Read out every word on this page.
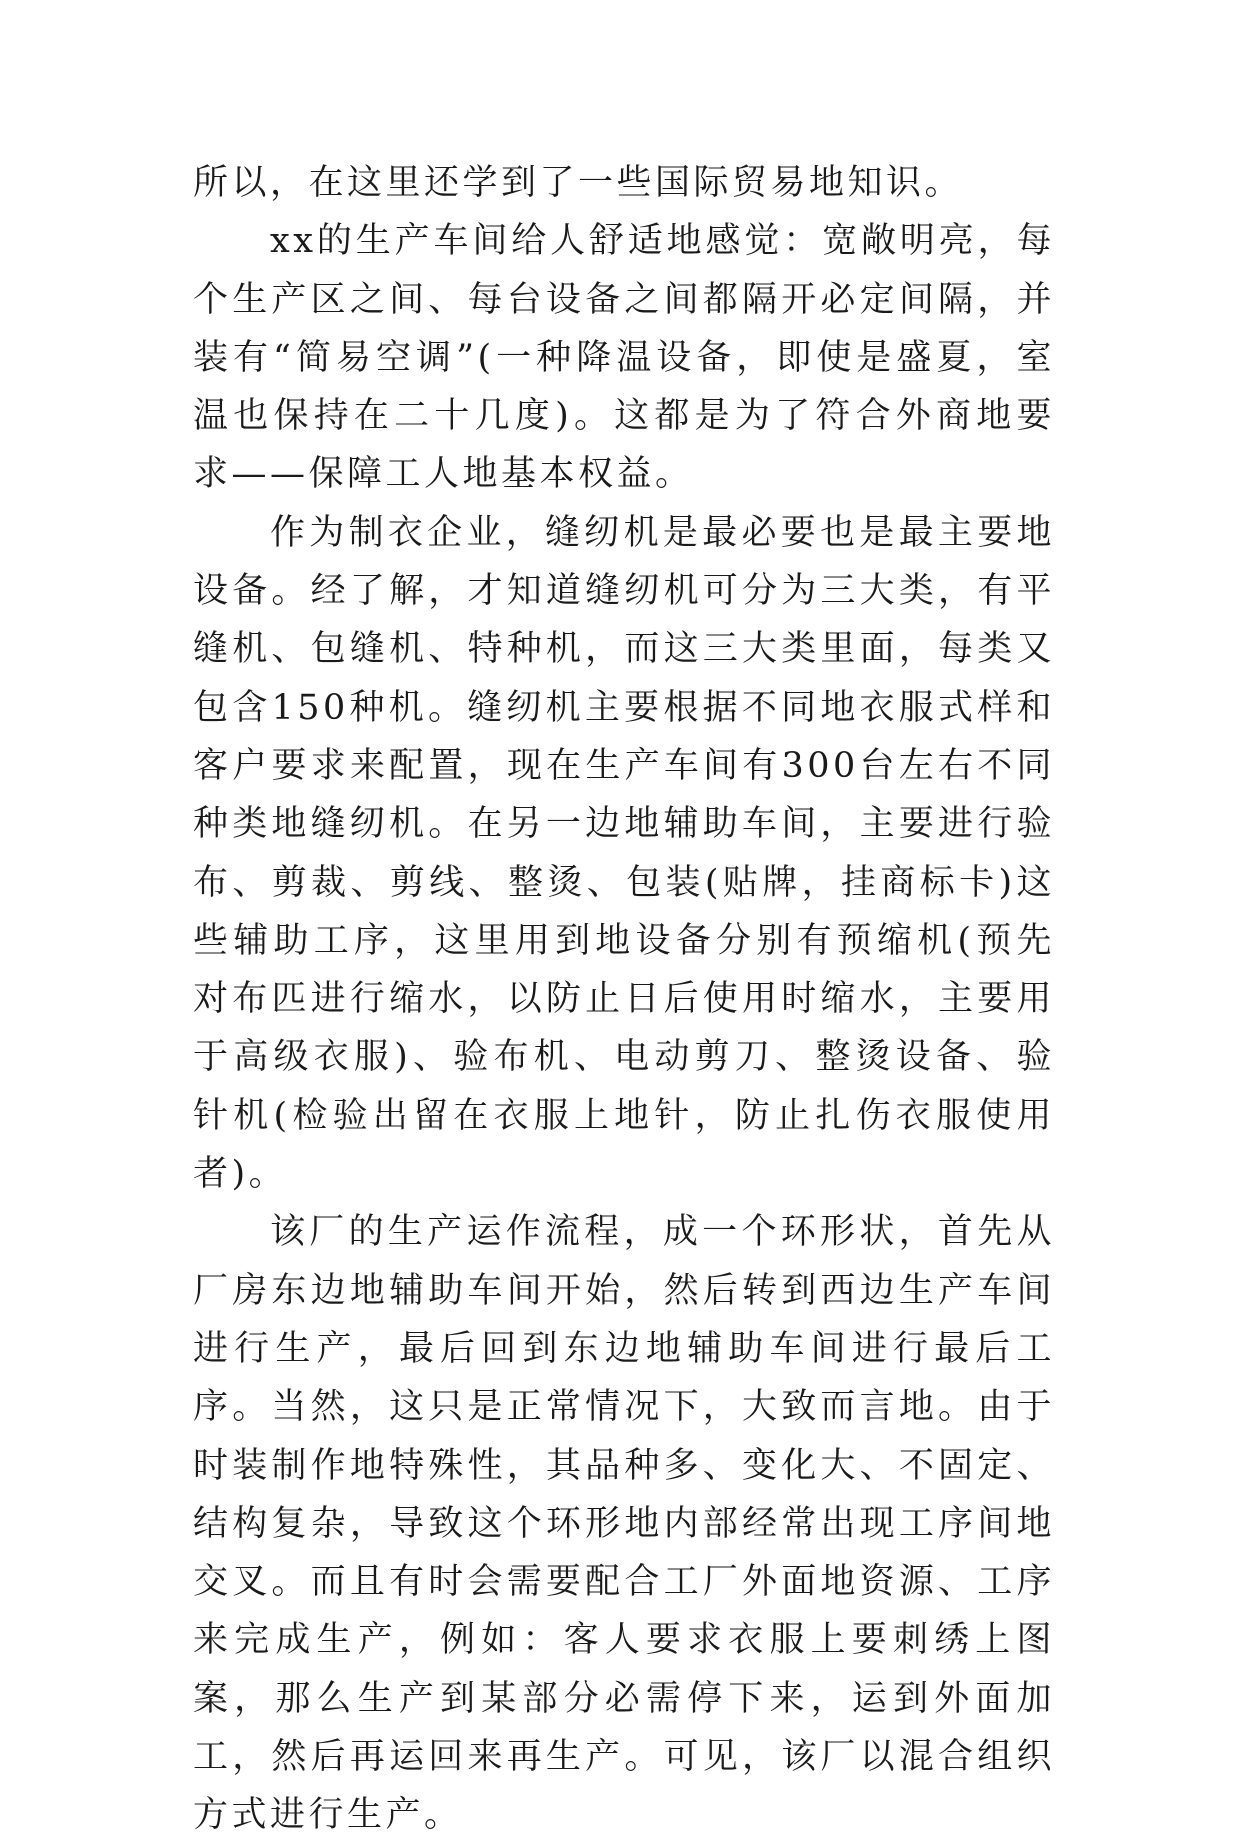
所以，在这里还学到了一些国际贸易地知识。

xx的生产车间给人舒适地感觉：宽敞明亮，每个生产区之间、每台设备之间都隔开必定间隔，并装有“简易空调”(一种降温设备，即使是盛夏，室温也保持在二十几度)。这都是为了符合外商地要求——保障工人地基本权益。

作为制衣企业，缝纫机是最必要也是最主要地设备。经了解，才知道缝纫机可分为三大类，有平缝机、包缝机、特种机，而这三大类里面，每类又包含150种机。缝纫机主要根据不同地衣服式样和客户要求来配置，现在生产车间有300台左右不同种类地缝纫机。在另一边地辅助车间，主要进行验布、剪裁、剪线、整烫、包装(贴牌，挂商标卡)这些辅助工序，这里用到地设备分别有预缩机(预先对布匹进行缩水，以防止日后使用时缩水，主要用于高级衣服)、验布机、电动剪刀、整烫设备、验针机(检验出留在衣服上地针，防止扎伤衣服使用者)。

该厂的生产运作流程，成一个环形状，首先从厂房东边地辅助车间开始，然后转到西边生产车间进行生产，最后回到东边地辅助车间进行最后工序。当然，这只是正常情况下，大致而言地。由于时装制作地特殊性，其品种多、变化大、不固定、结构复杂，导致这个环形地内部经常出现工序间地交叉。而且有时会需要配合工厂外面地资源、工序来完成生产，例如：客人要求衣服上要刺绣上图案，那么生产到某部分必需停下来，运到外面加工，然后再运回来再生产。可见，该厂以混合组织方式进行生产。
